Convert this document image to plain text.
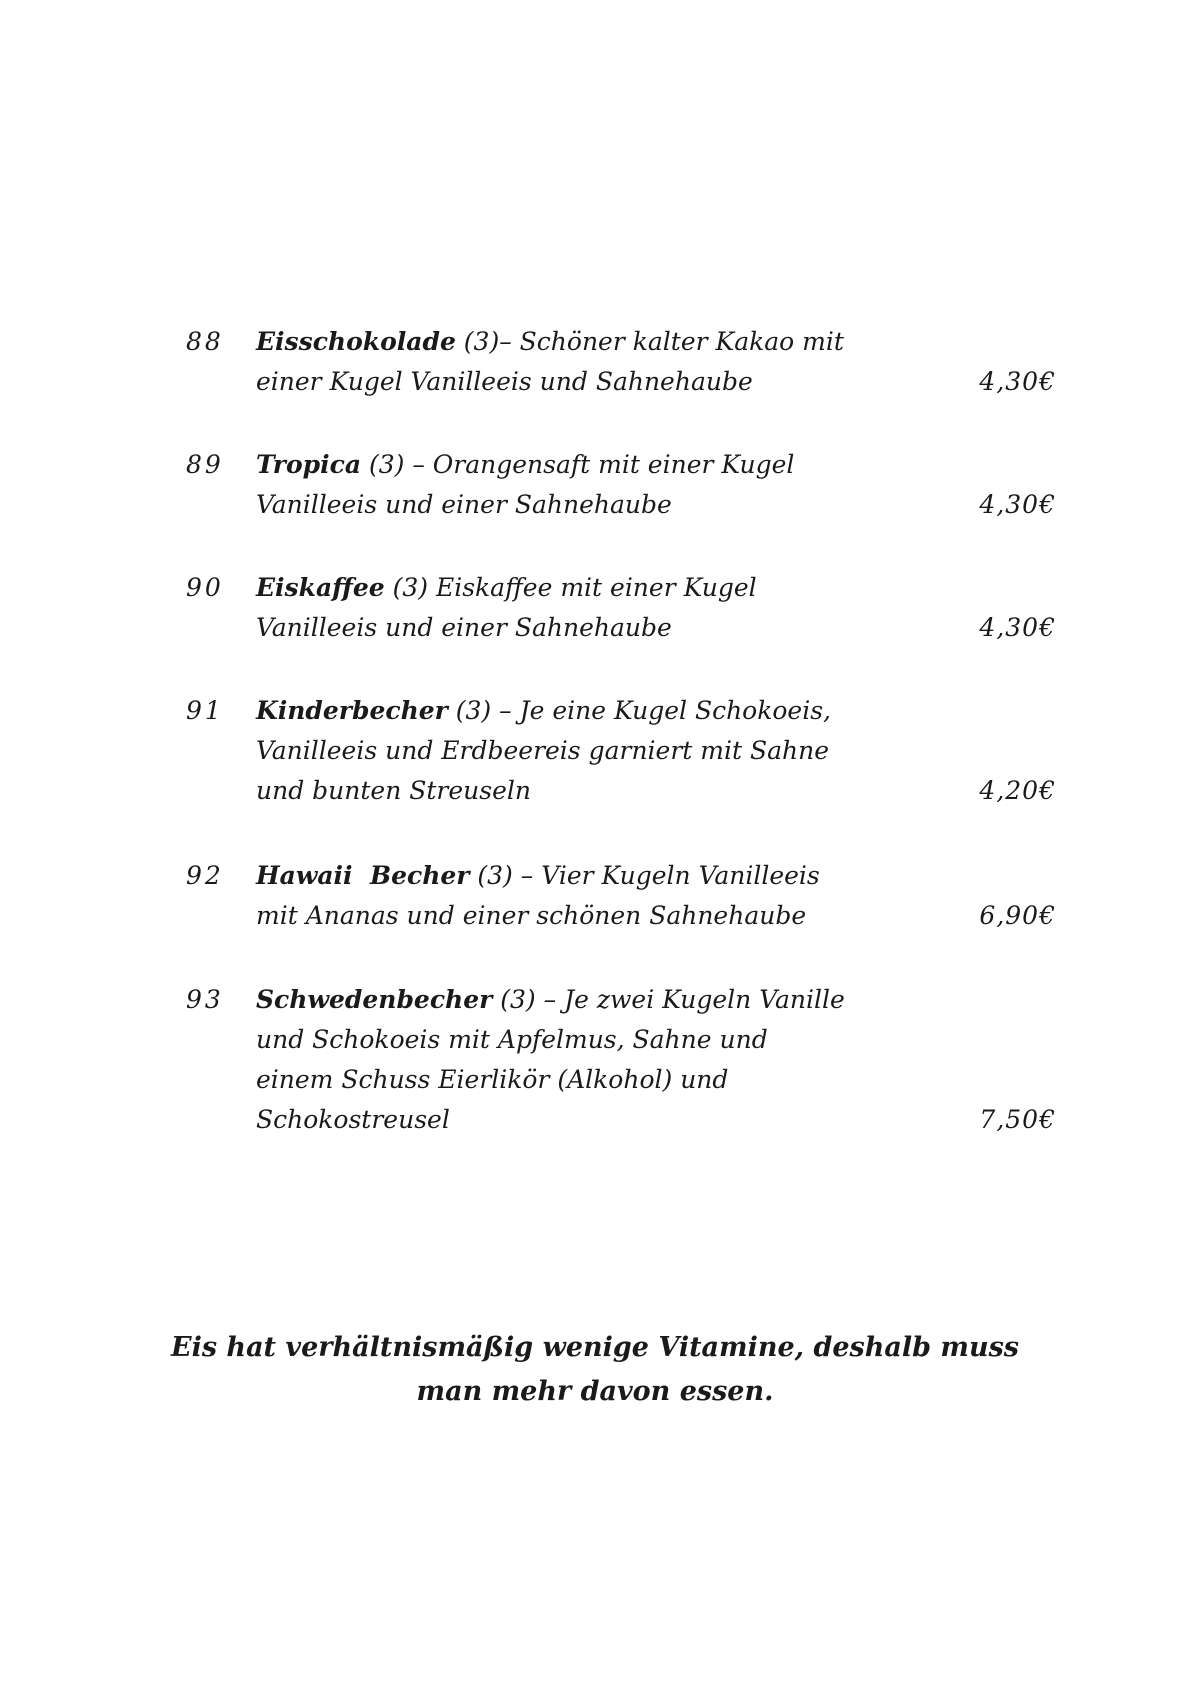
88	Eisschokolade (3)– Schöner kalter Kakao mit
einer Kugel Vanilleeis und Sahnehaube	4,30€
89	Tropica (3) – Orangensaft mit einer Kugel
Vanilleeis und einer Sahnehaube	4,30€
90	Eiskaffee (3) Eiskaffee mit einer Kugel
Vanilleeis und einer Sahnehaube	4,30€
91	Kinderbecher (3) – Je eine Kugel Schokoeis,
Vanilleeis und Erdbeereis garniert mit Sahne
und bunten Streuseln	4,20€
92	Hawaii  Becher (3) – Vier Kugeln Vanilleeis
mit Ananas und einer schönen Sahnehaube	6,90€
93	Schwedenbecher (3) – Je zwei Kugeln Vanille
und Schokoeis mit Apfelmus, Sahne und
einem Schuss Eierlikör (Alkohol) und
Schokostreusel	7,50€
Eis hat verhältnismäßig wenige Vitamine, deshalb muss
man mehr davon essen.
